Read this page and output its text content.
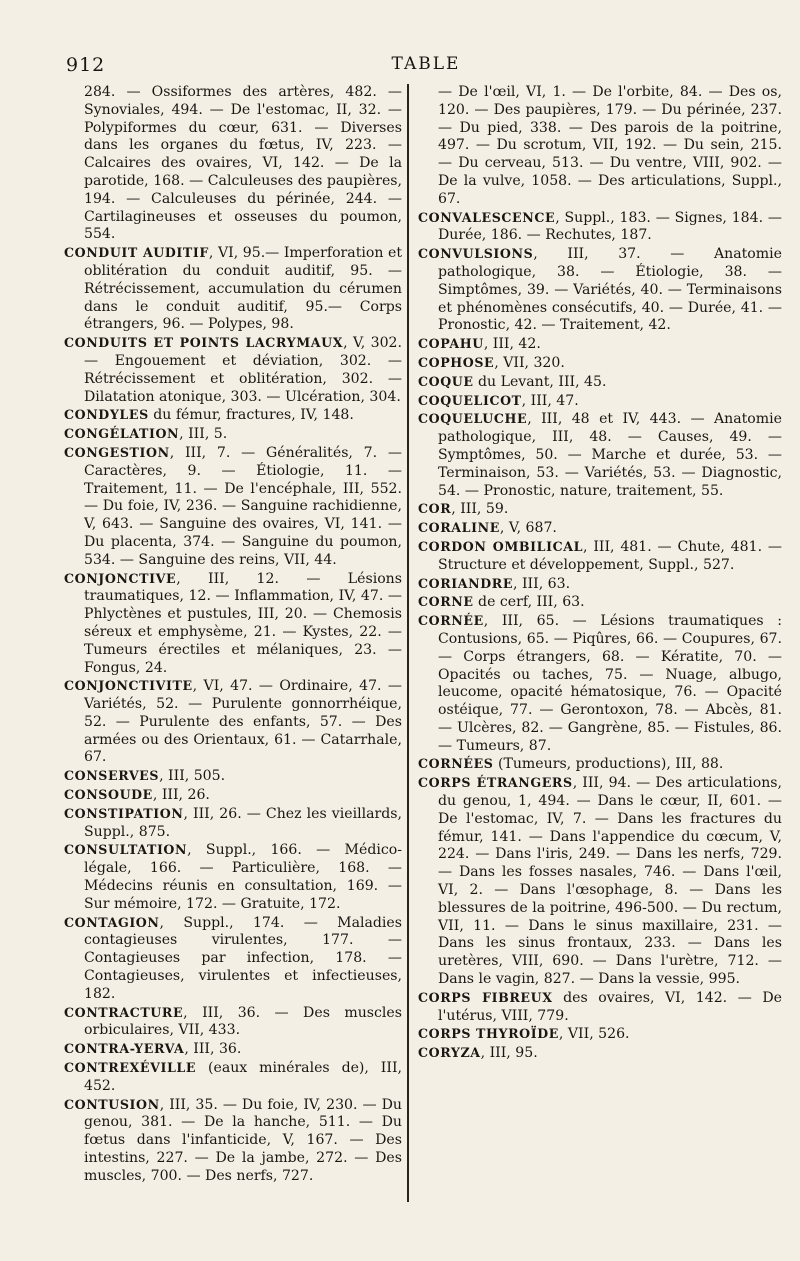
912	TABLE

284. — Ossiformes des artères, 482. — Synoviales, 494. — De l'estomac, II, 32. — Polypiformes du cœur, 631. — Diverses dans les organes du fœtus, IV, 223. — Calcaires des ovaires, VI, 142. — De la parotide, 168. — Calculeuses des paupières, 194. — Calculeuses du périnée, 244. — Cartilagineuses et osseuses du poumon, 554.

CONDUIT AUDITIF, VI, 95.— Imperforation et oblitération du conduit auditif, 95. — Rétrécissement, accumulation du cérumen dans le conduit auditif, 95.— Corps étrangers, 96. — Polypes, 98.

CONDUITS ET POINTS LACRYMAUX, V, 302. — Engouement et déviation, 302. — Rétrécissement et oblitération, 302. — Dilatation atonique, 303. — Ulcération, 304.

CONDYLES du fémur, fractures, IV, 148.

CONGÉLATION, III, 5.

CONGESTION, III, 7. — Généralités, 7. — Caractères, 9. — Étiologie, 11. — Traitement, 11. — De l'encéphale, III, 552. — Du foie, IV, 236. — Sanguine rachidienne, V, 643. — Sanguine des ovaires, VI, 141. — Du placenta, 374. — Sanguine du poumon, 534. — Sanguine des reins, VII, 44.

CONJONCTIVE, III, 12. — Lésions traumatiques, 12. — Inflammation, IV, 47. — Phlyctènes et pustules, III, 20. — Chemosis séreux et emphysème, 21. — Kystes, 22. — Tumeurs érectiles et mélaniques, 23. — Fongus, 24.

CONJONCTIVITE, VI, 47. — Ordinaire, 47. — Variétés, 52. — Purulente gonnorrhéique, 52. — Purulente des enfants, 57. — Des armées ou des Orientaux, 61. — Catarrhale, 67.

CONSERVES, III, 505.

CONSOUDE, III, 26.

CONSTIPATION, III, 26. — Chez les vieillards, Suppl., 875.

CONSULTATION, Suppl., 166. — Médico-légale, 166. — Particulière, 168. — Médecins réunis en consultation, 169. — Sur mémoire, 172. — Gratuite, 172.

CONTAGION, Suppl., 174. — Maladies contagieuses virulentes, 177. — Contagieuses par infection, 178. — Contagieuses, virulentes et infectieuses, 182.

CONTRACTURE, III, 36. — Des muscles orbiculaires, VII, 433.

CONTRA-YERVA, III, 36.

CONTREXÉVILLE (eaux minérales de), III, 452.

CONTUSION, III, 35. — Du foie, IV, 230. — Du genou, 381. — De la hanche, 511. — Du fœtus dans l'infanticide, V, 167. — Des intestins, 227. — De la jambe, 272. — Des muscles, 700. — Des nerfs, 727.

— De l'œil, VI, 1. — De l'orbite, 84. — Des os, 120. — Des paupières, 179. — Du périnée, 237. — Du pied, 338. — Des parois de la poitrine, 497. — Du scrotum, VII, 192. — Du sein, 215. — Du cerveau, 513. — Du ventre, VIII, 902. — De la vulve, 1058. — Des articulations, Suppl., 67.

CONVALESCENCE, Suppl., 183. — Signes, 184. — Durée, 186. — Rechutes, 187.

CONVULSIONS, III, 37. — Anatomie pathologique, 38. — Étiologie, 38. — Simptômes, 39. — Variétés, 40. — Terminaisons et phénomènes consécutifs, 40. — Durée, 41. — Pronostic, 42. — Traitement, 42.

COPAHU, III, 42.

COPHOSE, VII, 320.

COQUE du Levant, III, 45.

COQUELICOT, III, 47.

COQUELUCHE, III, 48 et IV, 443. — Anatomie pathologique, III, 48. — Causes, 49. — Symptômes, 50. — Marche et durée, 53. — Terminaison, 53. — Variétés, 53. — Diagnostic, 54. — Pronostic, nature, traitement, 55.

COR, III, 59.

CORALINE, V, 687.

CORDON OMBILICAL, III, 481. — Chute, 481. — Structure et développement, Suppl., 527.

CORIANDRE, III, 63.

CORNE de cerf, III, 63.

CORNÉE, III, 65. — Lésions traumatiques : Contusions, 65. — Piqûres, 66. — Coupures, 67. — Corps étrangers, 68. — Kératite, 70. — Opacités ou taches, 75. — Nuage, albugo, leucome, opacité hématosique, 76. — Opacité ostéique, 77. — Gerontoxon, 78. — Abcès, 81. — Ulcères, 82. — Gangrène, 85. — Fistules, 86. — Tumeurs, 87.

CORNÉES (Tumeurs, productions), III, 88.

CORPS ÉTRANGERS, III, 94. — Des articulations, du genou, 1, 494. — Dans le cœur, II, 601. — De l'estomac, IV, 7. — Dans les fractures du fémur, 141. — Dans l'appendice du cœcum, V, 224. — Dans l'iris, 249. — Dans les nerfs, 729. — Dans les fosses nasales, 746. — Dans l'œil, VI, 2. — Dans l'œsophage, 8. — Dans les blessures de la poitrine, 496-500. — Du rectum, VII, 11. — Dans le sinus maxillaire, 231. — Dans les sinus frontaux, 233. — Dans les uretères, VIII, 690. — Dans l'urètre, 712. — Dans le vagin, 827. — Dans la vessie, 995.

CORPS FIBREUX des ovaires, VI, 142. — De l'utérus, VIII, 779.

CORPS THYROÏDE, VII, 526.

CORYZA, III, 95.
